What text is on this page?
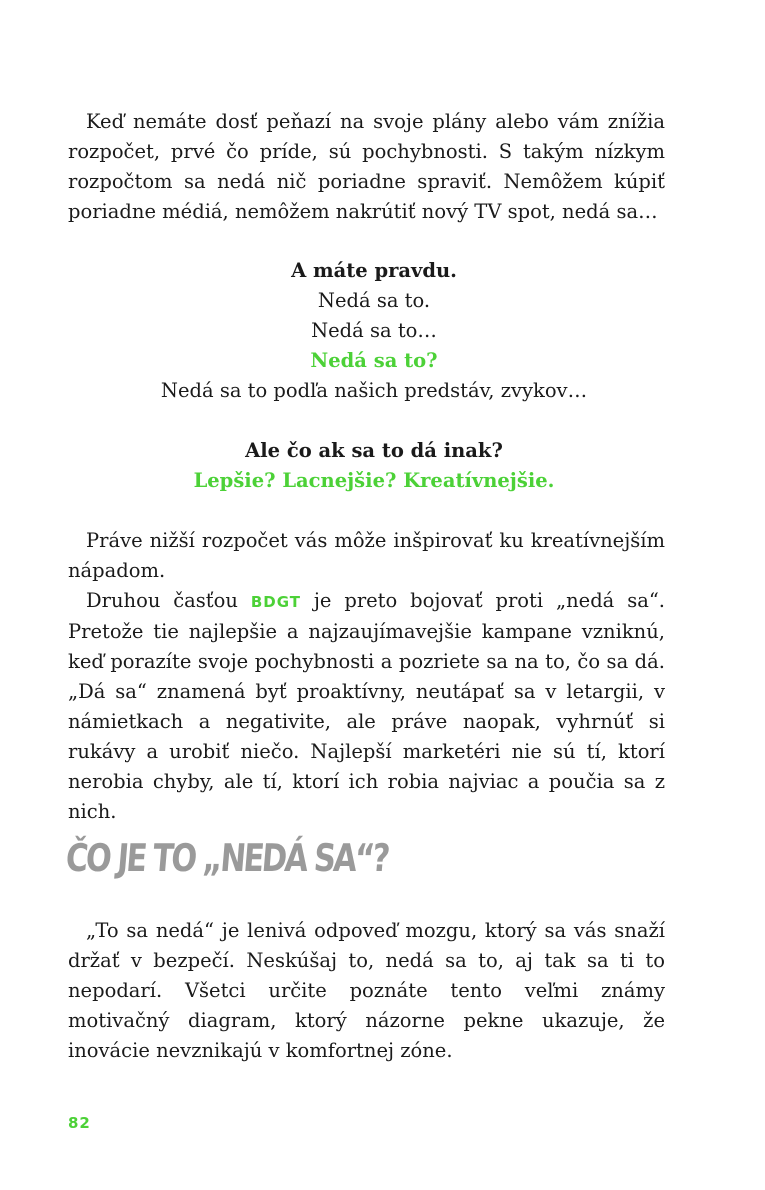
Keď nemáte dosť peňazí na svoje plány alebo vám znížia rozpočet, prvé čo príde, sú pochybnosti. S takým nízkym rozpočtom sa nedá nič poriadne spraviť. Nemôžem kúpiť poriadne médiá, nemôžem nakrútiť nový TV spot, nedá sa…

A máte pravdu.
Nedá sa to.
Nedá sa to…
Nedá sa to?
Nedá sa to podľa našich predstáv, zvykov…
Ale čo ak sa to dá inak?
Lepšie? Lacnejšie? Kreatívnejšie.

Práve nižší rozpočet vás môže inšpirovať ku kreatívnejším nápadom.

Druhou časťou BDGT je preto bojovať proti „nedá sa“. Pretože tie najlepšie a najzaujímavejšie kampane vzniknú, keď porazíte svoje pochybnosti a pozriete sa na to, čo sa dá. „Dá sa“ znamená byť proaktívny, neutápať sa v letargii, v námietkach a negativite, ale práve naopak, vyhrnúť si rukávy a urobiť niečo. Najlepší marketéri nie sú tí, ktorí nerobia chyby, ale tí, ktorí ich robia najviac a poučia sa z nich.

ČO JE TO „NEDÁ SA“?

„To sa nedá“ je lenivá odpoveď mozgu, ktorý sa vás snaží držať v bezpečí. Neskúšaj to, nedá sa to, aj tak sa ti to nepodarí. Všetci určite poznáte tento veľmi známy motivačný diagram, ktorý názorne pekne ukazuje, že inovácie nevznikajú v komfortnej zóne.

82
